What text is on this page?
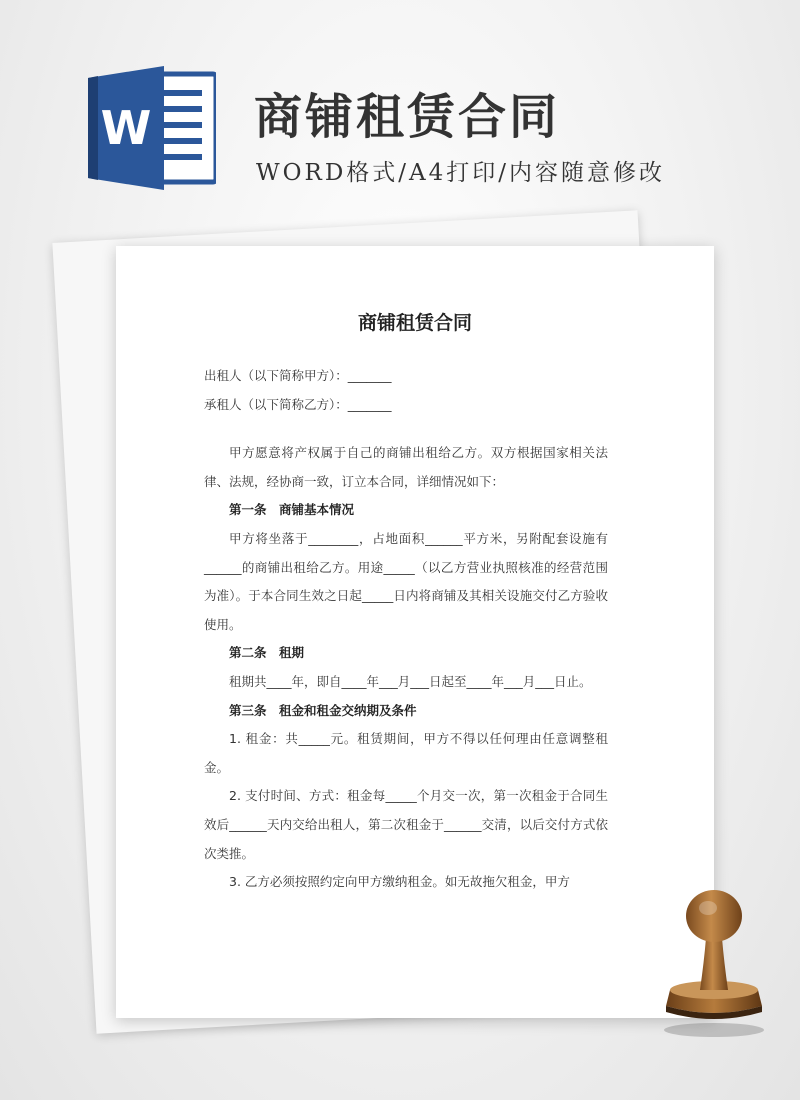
W 商铺租赁合同
WORD格式/A4打印/内容随意修改
商铺租赁合同

出租人（以下简称甲方）：_______

承租人（以下简称乙方）：_______

甲方愿意将产权属于自己的商铺出租给乙方。双方根据国家相关法律、法规，经协商一致，订立本合同，详细情况如下：

第一条　商铺基本情况

甲方将坐落于________，占地面积______平方米，另附配套设施有______的商铺出租给乙方。用途_____（以乙方营业执照核准的经营范围为准）。于本合同生效之日起_____日内将商铺及其相关设施交付乙方验收使用。

第二条　租期

租期共____年，即自____年___月___日起至____年___月___日止。

第三条　租金和租金交纳期及条件

1. 租金：共_____元。租赁期间，甲方不得以任何理由任意调整租金。

2. 支付时间、方式：租金每_____个月交一次，第一次租金于合同生效后______天内交给出租人，第二次租金于______交清，以后交付方式依次类推。

3. 乙方必须按照约定向甲方缴纳租金。如无故拖欠租金，甲方
